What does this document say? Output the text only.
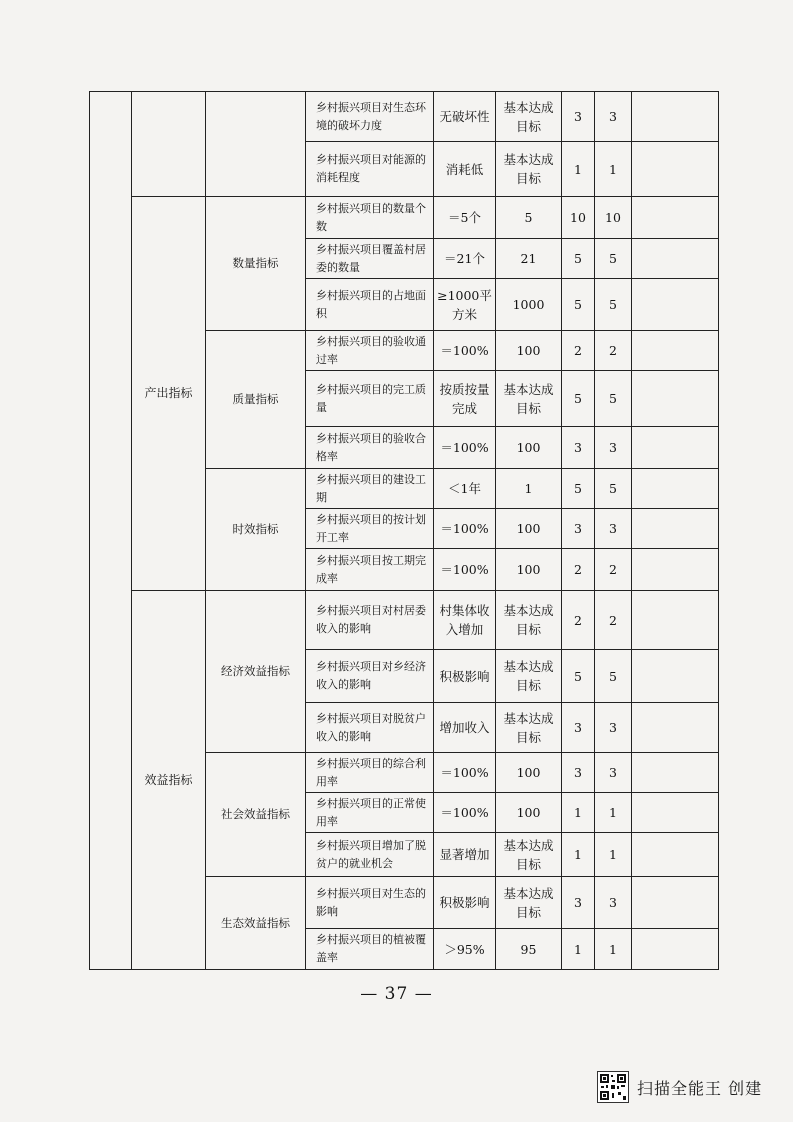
			乡村振兴项目对生态环境的破坏力度	无破坏性	基本达成目标	3	3	
			乡村振兴项目对能源的消耗程度	消耗低	基本达成目标	1	1	
	产出指标	数量指标	乡村振兴项目的数量个数	＝5个	5	10	10	
			乡村振兴项目覆盖村居委的数量	＝21个	21	5	5	
			乡村振兴项目的占地面积	≥1000平方米	1000	5	5	
		质量指标	乡村振兴项目的验收通过率	＝100%	100	2	2	
			乡村振兴项目的完工质量	按质按量完成	基本达成目标	5	5	
			乡村振兴项目的验收合格率	＝100%	100	3	3	
		时效指标	乡村振兴项目的建设工期	＜1年	1	5	5	
			乡村振兴项目的按计划开工率	＝100%	100	3	3	
			乡村振兴项目按工期完成率	＝100%	100	2	2	
	效益指标	经济效益指标	乡村振兴项目对村居委收入的影响	村集体收入增加	基本达成目标	2	2	
			乡村振兴项目对乡经济收入的影响	积极影响	基本达成目标	5	5	
			乡村振兴项目对脱贫户收入的影响	增加收入	基本达成目标	3	3	
		社会效益指标	乡村振兴项目的综合利用率	＝100%	100	3	3	
			乡村振兴项目的正常使用率	＝100%	100	1	1	
			乡村振兴项目增加了脱贫户的就业机会	显著增加	基本达成目标	1	1	
		生态效益指标	乡村振兴项目对生态的影响	积极影响	基本达成目标	3	3	
			乡村振兴项目的植被覆盖率	＞95%	95	1	1	
— 37 —
扫描全能王 创建
